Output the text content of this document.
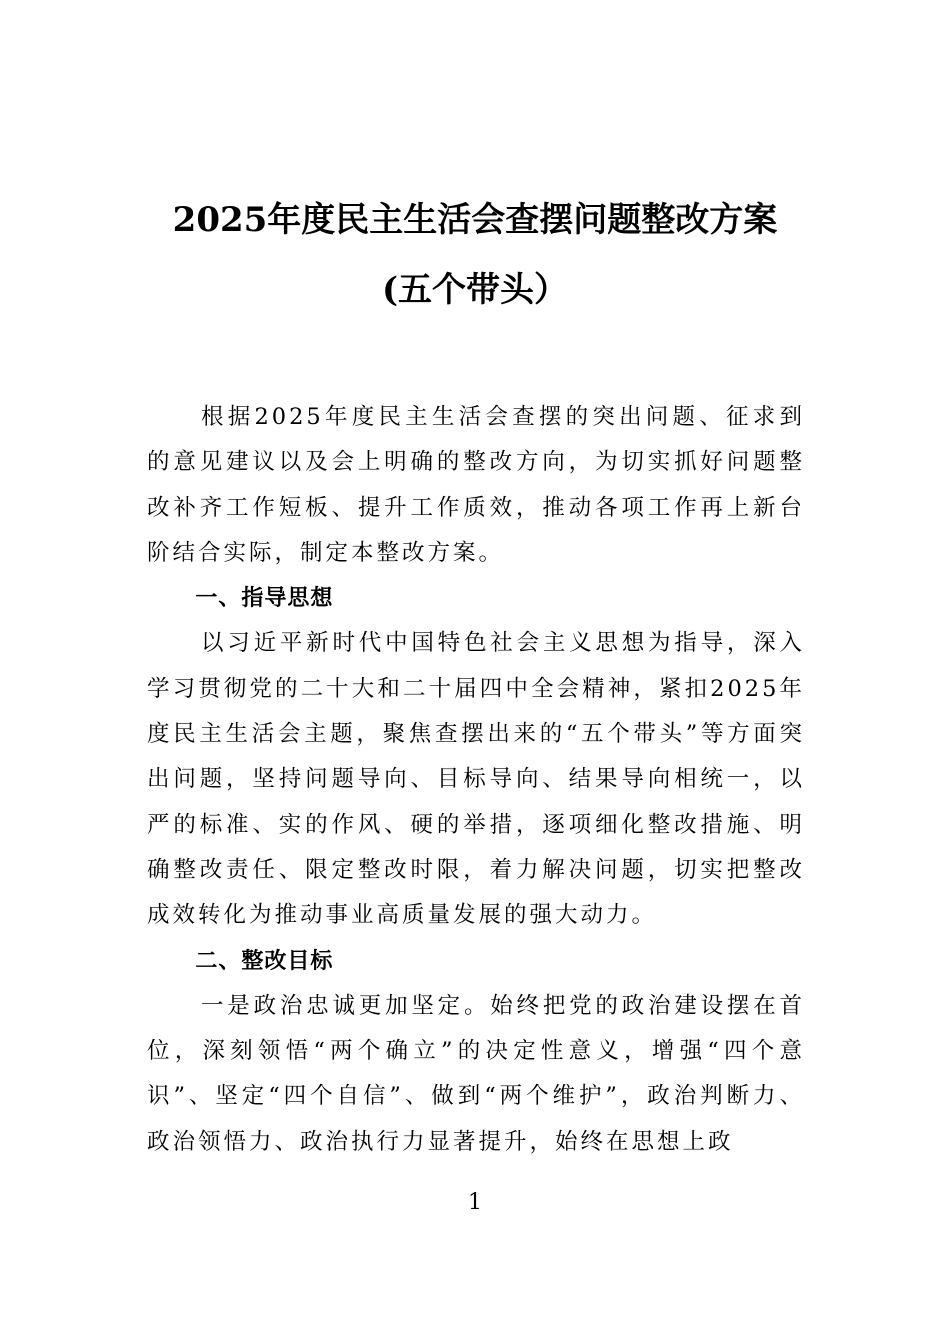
2025年度民主生活会查摆问题整改方案
(五个带头）

根据2025年度民主生活会查摆的突出问题、征求到的意见建议以及会上明确的整改方向，为切实抓好问题整改补齐工作短板、提升工作质效，推动各项工作再上新台阶结合实际，制定本整改方案。

一、指导思想

以习近平新时代中国特色社会主义思想为指导，深入学习贯彻党的二十大和二十届四中全会精神，紧扣2025年度民主生活会主题，聚焦查摆出来的“五个带头”等方面突出问题，坚持问题导向、目标导向、结果导向相统一，以严的标准、实的作风、硬的举措，逐项细化整改措施、明确整改责任、限定整改时限，着力解决问题，切实把整改成效转化为推动事业高质量发展的强大动力。

二、整改目标

一是政治忠诚更加坚定。始终把党的政治建设摆在首位，深刻领悟“两个确立”的决定性意义，增强“四个意识”、坚定“四个自信”、做到“两个维护”，政治判断力、政治领悟力、政治执行力显著提升，始终在思想上政

1
